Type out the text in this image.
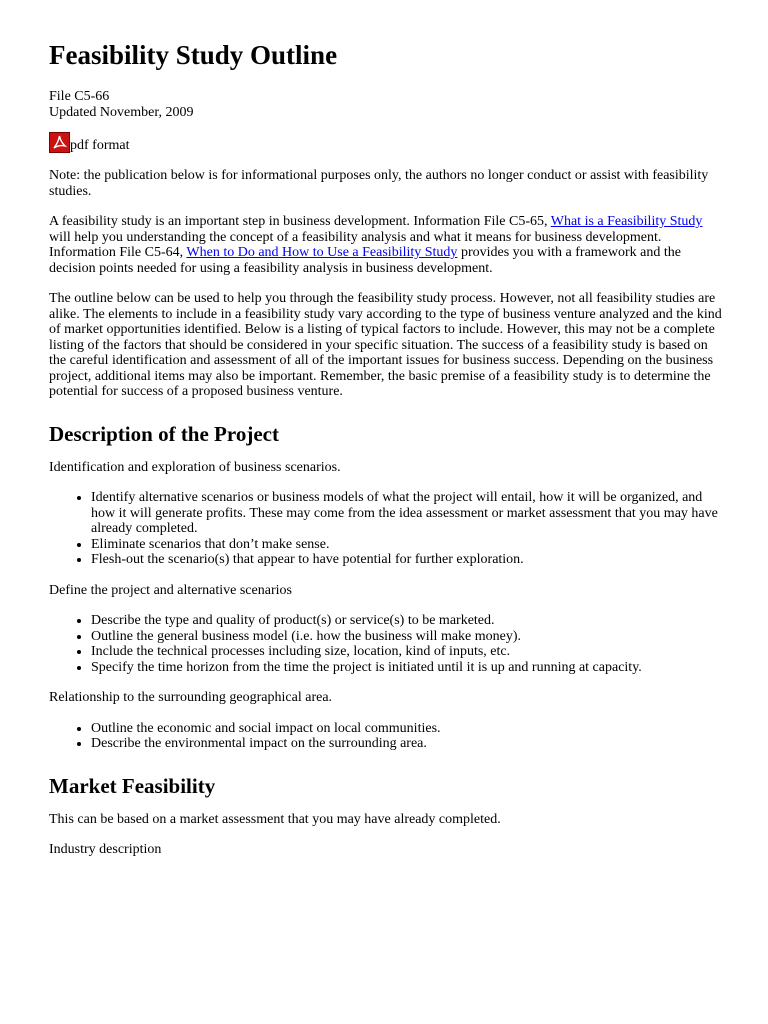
Feasibility Study Outline
File C5-66
Updated November, 2009
pdf format

Note: the publication below is for informational purposes only, the authors no longer conduct or assist with feasibility studies.

A feasibility study is an important step in business development. Information File C5-65, What is a Feasibility Study will help you understanding the concept of a feasibility analysis and what it means for business development. Information File C5-64, When to Do and How to Use a Feasibility Study provides you with a framework and the decision points needed for using a feasibility analysis in business development.

The outline below can be used to help you through the feasibility study process. However, not all feasibility studies are alike. The elements to include in a feasibility study vary according to the type of business venture analyzed and the kind of market opportunities identified. Below is a listing of typical factors to include. However, this may not be a complete listing of the factors that should be considered in your specific situation. The success of a feasibility study is based on the careful identification and assessment of all of the important issues for business success. Depending on the business project, additional items may also be important. Remember, the basic premise of a feasibility study is to determine the potential for success of a proposed business venture.

Description of the Project

Identification and exploration of business scenarios.

• Identify alternative scenarios or business models of what the project will entail, how it will be organized, and how it will generate profits. These may come from the idea assessment or market assessment that you may have already completed.
• Eliminate scenarios that don’t make sense.
• Flesh-out the scenario(s) that appear to have potential for further exploration.

Define the project and alternative scenarios

• Describe the type and quality of product(s) or service(s) to be marketed.
• Outline the general business model (i.e. how the business will make money).
• Include the technical processes including size, location, kind of inputs, etc.
• Specify the time horizon from the time the project is initiated until it is up and running at capacity.

Relationship to the surrounding geographical area.

• Outline the economic and social impact on local communities.
• Describe the environmental impact on the surrounding area.
Market Feasibility

This can be based on a market assessment that you may have already completed.

Industry description
